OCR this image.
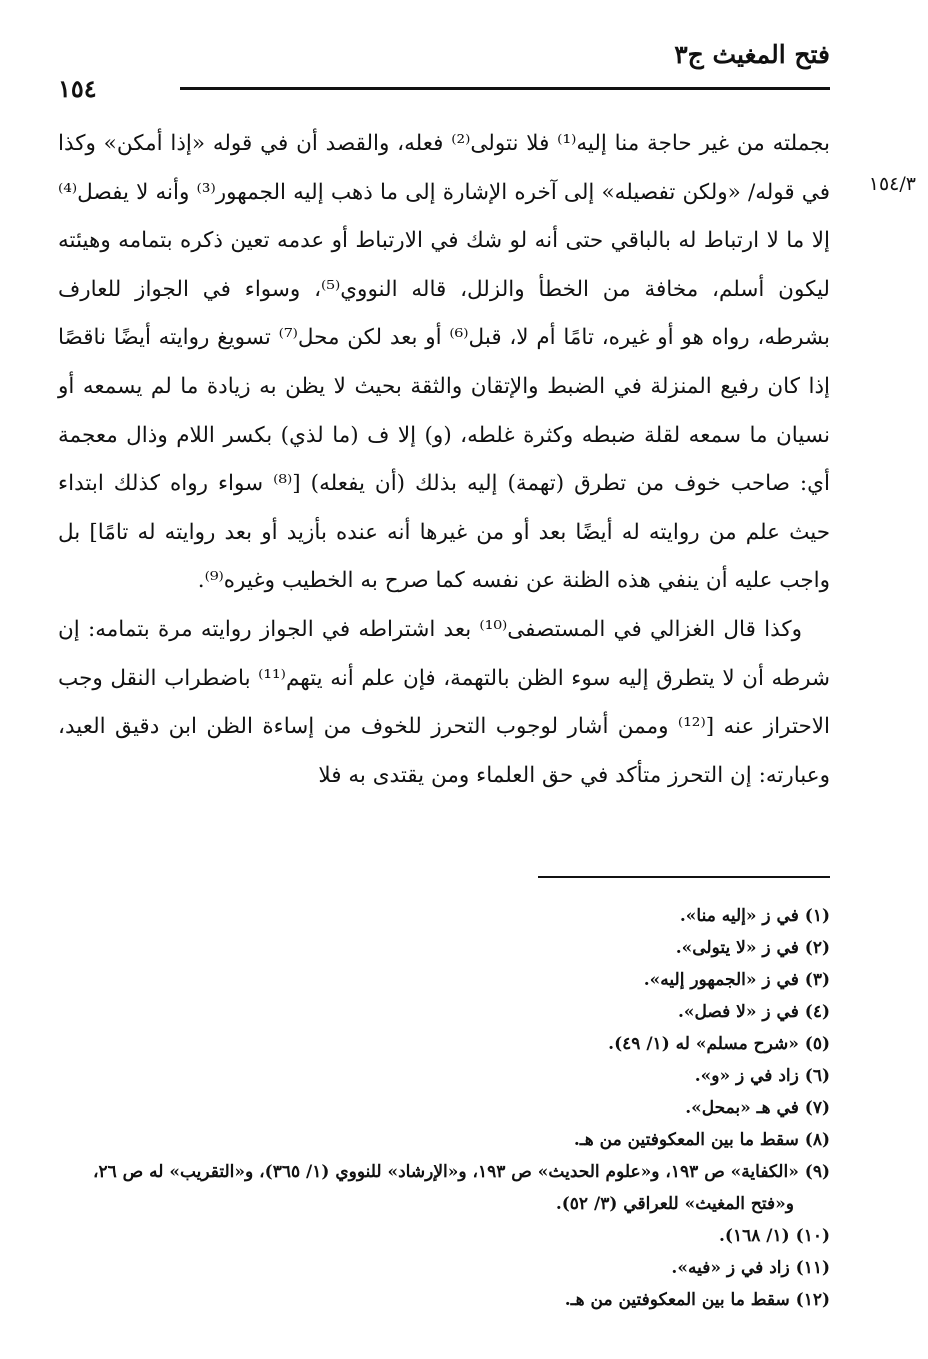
فتح المغيث ج٣
١٥٤
١٥٤/٣

بجملته من غير حاجة منا إليه⁽¹⁾ فلا نتولى⁽²⁾ فعله، والقصد أن في قوله «إذا أمكن» وكذا في قوله/ «ولكن تفصيله» إلى آخره الإشارة إلى ما ذهب إليه الجمهور⁽³⁾ وأنه لا يفصل⁽⁴⁾ إلا ما لا ارتباط له بالباقي حتى أنه لو شك في الارتباط أو عدمه تعين ذكره بتمامه وهيئته ليكون أسلم، مخافة من الخطأ والزلل، قاله النووي⁽⁵⁾، وسواء في الجواز للعارف بشرطه، رواه هو أو غيره، تامًا أم لا، قبل⁽⁶⁾ أو بعد لكن محل⁽⁷⁾ تسويغ روايته أيضًا ناقصًا إذا كان رفيع المنزلة في الضبط والإتقان والثقة بحيث لا يظن به زيادة ما لم يسمعه أو نسيان ما سمعه لقلة ضبطه وكثرة غلطه، (و) إلا ف (ما لذي) بكسر اللام وذال معجمة أي: صاحب خوف من تطرق (تهمة) إليه بذلك (أن يفعله) [⁽⁸⁾ سواء رواه كذلك ابتداء حيث علم من روايته له أيضًا بعد أو من غيرها أنه عنده بأزيد أو بعد روايته له تامًا] بل واجب عليه أن ينفي هذه الظنة عن نفسه كما صرح به الخطيب وغيره⁽⁹⁾.

وكذا قال الغزالي في المستصفى⁽¹⁰⁾ بعد اشتراطه في الجواز روايته مرة بتمامه: إن شرطه أن لا يتطرق إليه سوء الظن بالتهمة، فإن علم أنه يتهم⁽¹¹⁾ باضطراب النقل وجب الاحتراز عنه [⁽¹²⁾ وممن أشار لوجوب التحرز للخوف من إساءة الظن ابن دقيق العيد، وعبارته: إن التحرز متأكد في حق العلماء ومن يقتدى به فلا

(١) في ز «إليه منا».

(٢) في ز «لا يتولى».

(٣) في ز «الجمهور إليه».

(٤) في ز «لا فصل».

(٥) «شرح مسلم» له (١/ ٤٩).

(٦) زاد في ز «و».

(٧) في هـ «بمحل».

(٨) سقط ما بين المعكوفتين من هـ.

(٩) «الكفاية» ص ١٩٣، و«علوم الحديث» ص ١٩٣، و«الإرشاد» للنووي (١/ ٣٦٥)، و«التقريب» له ص ٢٦، و«فتح المغيث» للعراقي (٣/ ٥٢).

(١٠) (١/ ١٦٨).

(١١) زاد في ز «فيه».

(١٢) سقط ما بين المعكوفتين من هـ.
